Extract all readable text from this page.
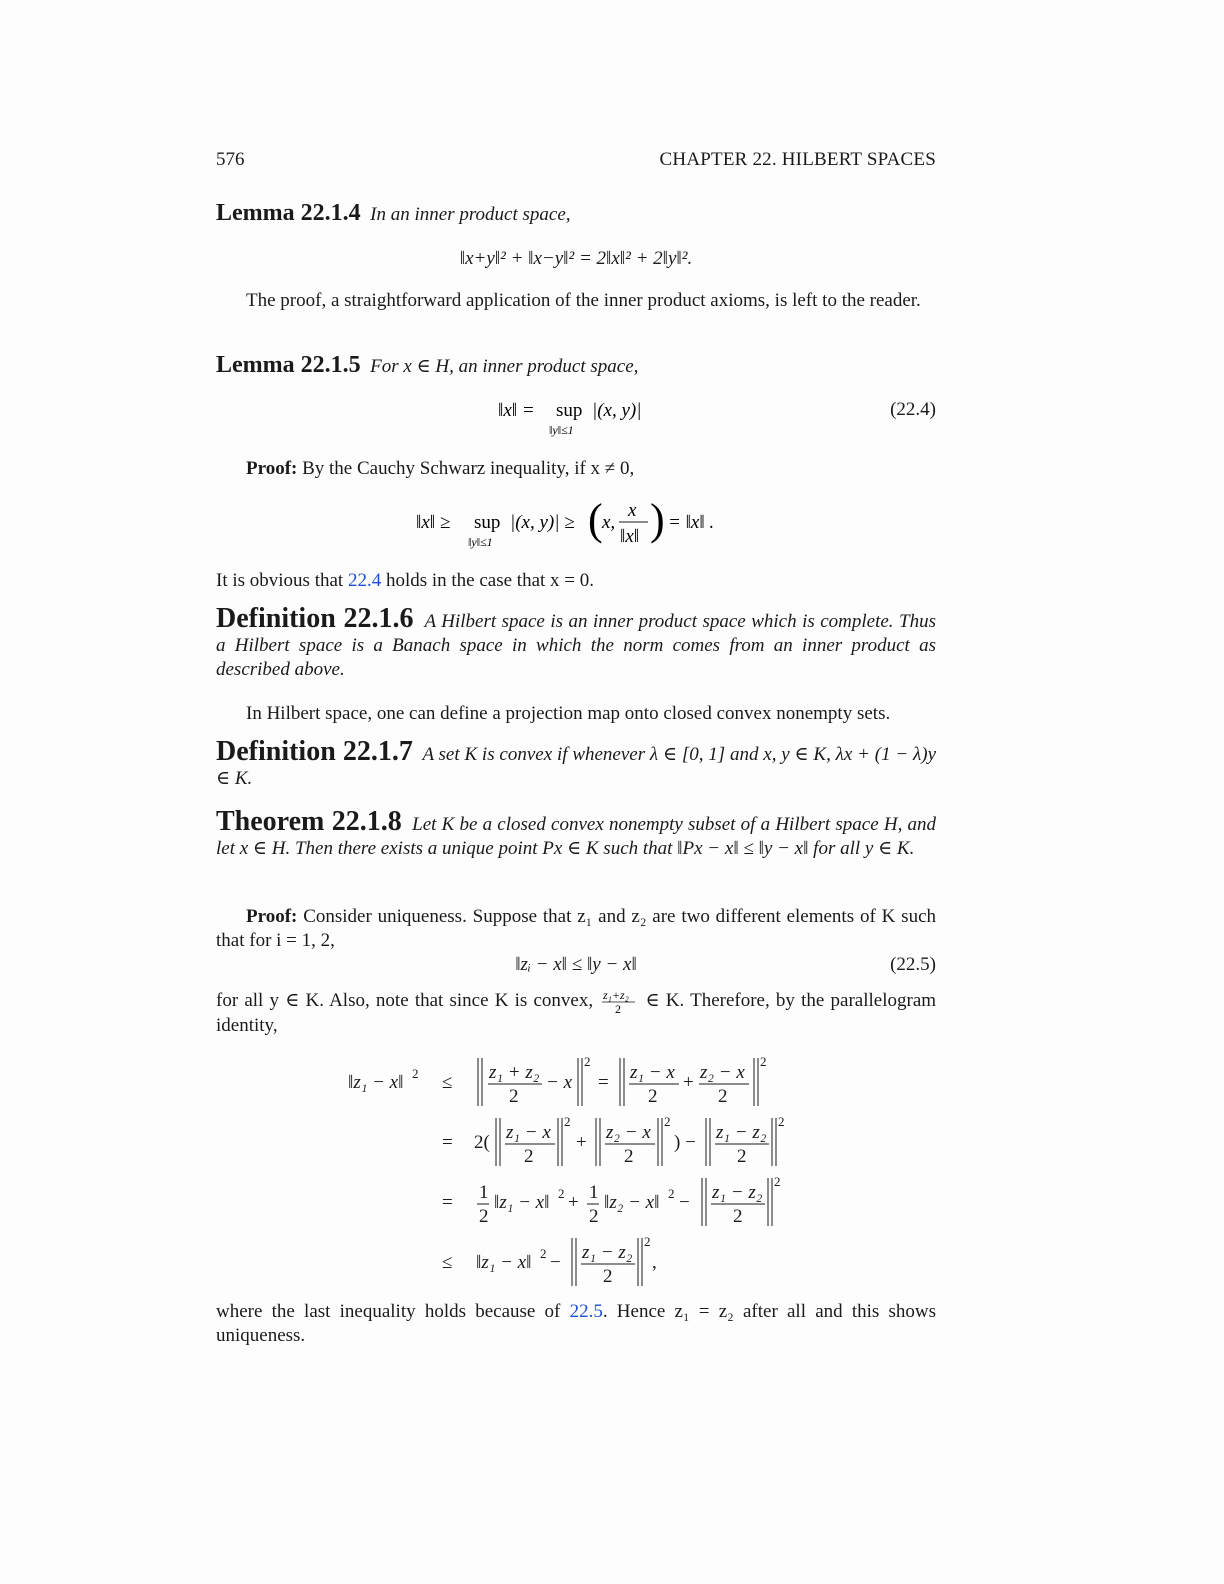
576	CHAPTER 22. HILBERT SPACES

Lemma 22.1.4 In an inner product space,

‖x+y‖² + ‖x−y‖² = 2‖x‖² + 2‖y‖².

The proof, a straightforward application of the inner product axioms, is left to the reader.

Lemma 22.1.5 For x ∈ H, an inner product space,

‖x‖ = sup
‖y‖≤1
|(x, y)|	(22.4)

Proof: By the Cauchy Schwarz inequality, if x ≠ 0,

‖x‖ ≥ sup
‖y‖≤1
|(x, y)| ≥ ( x,
x
‖x‖ ) = ‖x‖ .

It is obvious that 22.4 holds in the case that x = 0.

Definition 22.1.6 A Hilbert space is an inner product space which is complete. Thus a Hilbert space is a Banach space in which the norm comes from an inner product as described above.

In Hilbert space, one can define a projection map onto closed convex nonempty sets.

Definition 22.1.7 A set K is convex if whenever λ ∈ [0, 1] and x, y ∈ K, λx + (1 − λ)y ∈ K.

Theorem 22.1.8 Let K be a closed convex nonempty subset of a Hilbert space H, and let x ∈ H. Then there exists a unique point Px ∈ K such that ‖Px − x‖ ≤ ‖y − x‖ for all y ∈ K.

Proof: Consider uniqueness. Suppose that z₁ and z₂ are two different elements of K such that for i = 1, 2,

‖zᵢ − x‖ ≤ ‖y − x‖	(22.5)

for all y ∈ K. Also, note that since K is convex, z₁+z₂
2 ∈ K. Therefore, by the parallelogram identity,

‖z₁ − x‖ 2 ≤ z₁ + z₂
2
− x
2
= z₁ − x
2
+ z₂ − x
2
2
= 2( z₁ − x
2
2
+ z₂ − x
2
2
) − z₁ − z₂
2
2
= 1
2
‖z₁ − x‖ 2 + 1
2
‖z₂ − x‖ 2 − z₁ − z₂
2
2
≤ ‖z₁ − x‖ 2 − z₁ − z₂
2
2
,

where the last inequality holds because of 22.5. Hence z₁ = z₂ after all and this shows uniqueness.
